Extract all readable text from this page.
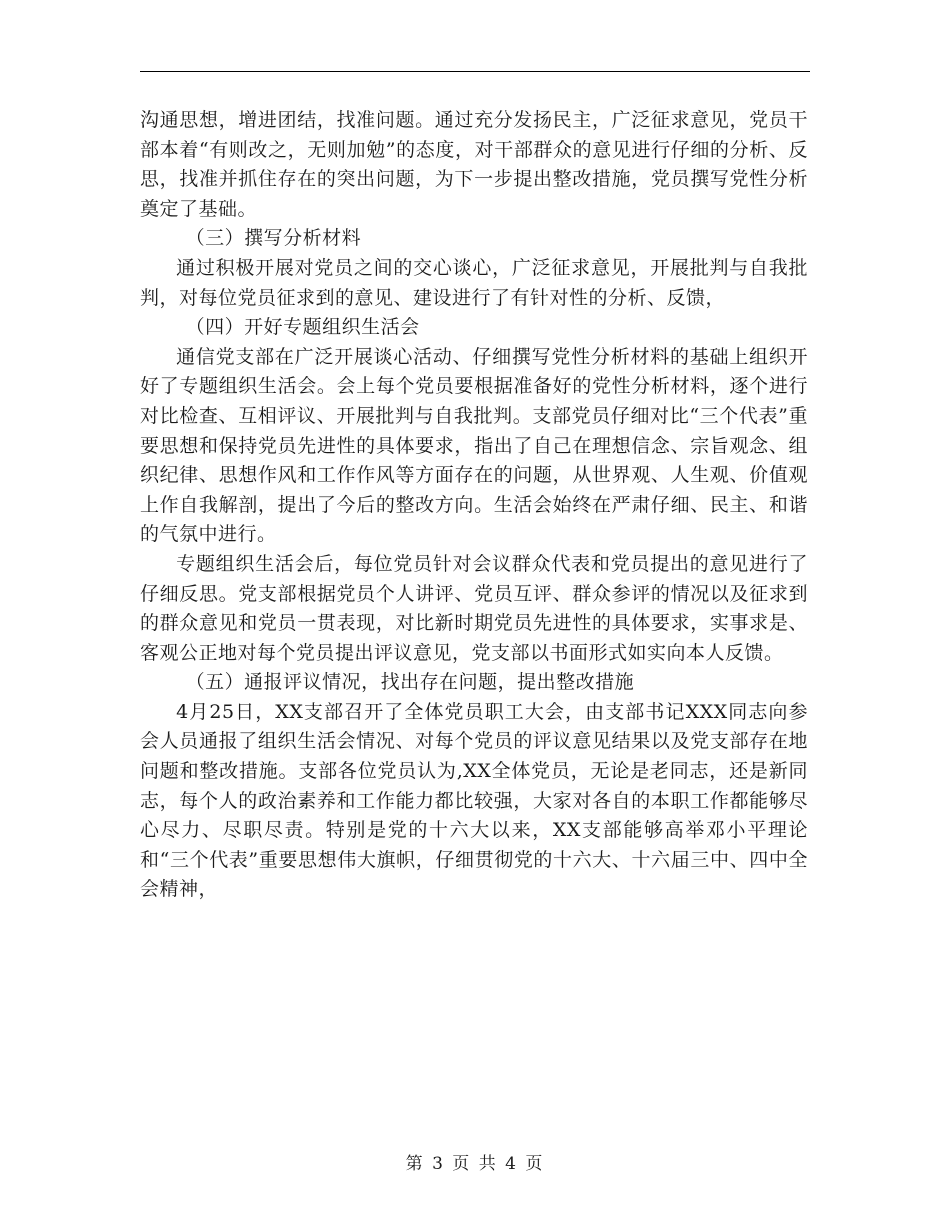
沟通思想，增进团结，找准问题。通过充分发扬民主，广泛征求意见，党员干部本着“有则改之，无则加勉”的态度，对干部群众的意见进行仔细的分析、反思，找准并抓住存在的突出问题，为下一步提出整改措施，党员撰写党性分析奠定了基础。

（三）撰写分析材料

通过积极开展对党员之间的交心谈心，广泛征求意见，开展批判与自我批判，对每位党员征求到的意见、建设进行了有针对性的分析、反馈，

（四）开好专题组织生活会

通信党支部在广泛开展谈心活动、仔细撰写党性分析材料的基础上组织开好了专题组织生活会。会上每个党员要根据准备好的党性分析材料，逐个进行对比检查、互相评议、开展批判与自我批判。支部党员仔细对比“三个代表”重要思想和保持党员先进性的具体要求，指出了自己在理想信念、宗旨观念、组织纪律、思想作风和工作作风等方面存在的问题，从世界观、人生观、价值观上作自我解剖，提出了今后的整改方向。生活会始终在严肃仔细、民主、和谐的气氛中进行。

专题组织生活会后，每位党员针对会议群众代表和党员提出的意见进行了仔细反思。党支部根据党员个人讲评、党员互评、群众参评的情况以及征求到的群众意见和党员一贯表现，对比新时期党员先进性的具体要求，实事求是、客观公正地对每个党员提出评议意见，党支部以书面形式如实向本人反馈。

（五）通报评议情况，找出存在问题，提出整改措施

4月25日，XX支部召开了全体党员职工大会，由支部书记XXX同志向参会人员通报了组织生活会情况、对每个党员的评议意见结果以及党支部存在地问题和整改措施。支部各位党员认为,XX全体党员，无论是老同志，还是新同志，每个人的政治素养和工作能力都比较强，大家对各自的本职工作都能够尽心尽力、尽职尽责。特别是党的十六大以来，XX支部能够高举邓小平理论和“三个代表”重要思想伟大旗帜，仔细贯彻党的十六大、十六届三中、四中全会精神，

第 3 页 共 4 页
